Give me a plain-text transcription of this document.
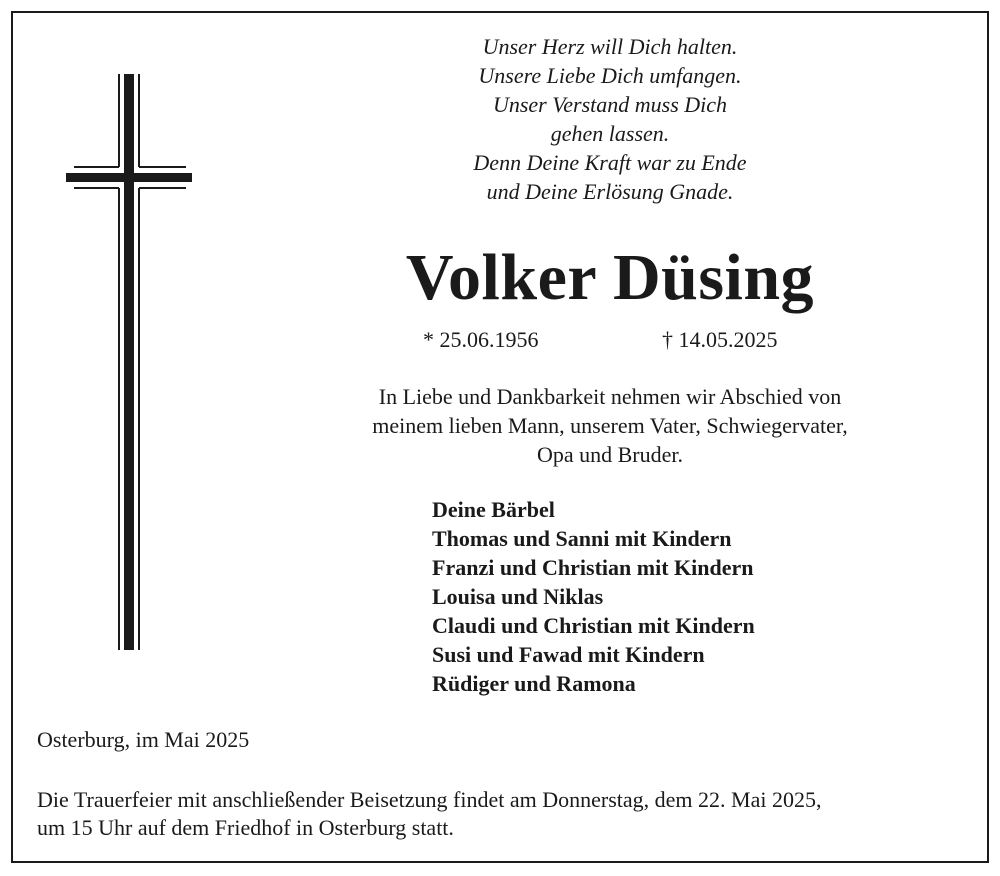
Unser Herz will Dich halten.
Unsere Liebe Dich umfangen.
Unser Verstand muss Dich
gehen lassen.
Denn Deine Kraft war zu Ende
und Deine Erlösung Gnade.
Volker Düsing
* 25.06.1956	† 14.05.2025
In Liebe und Dankbarkeit nehmen wir Abschied von
meinem lieben Mann, unserem Vater, Schwiegervater,
Opa und Bruder.
Deine Bärbel
Thomas und Sanni mit Kindern
Franzi und Christian mit Kindern
Louisa und Niklas
Claudi und Christian mit Kindern
Susi und Fawad mit Kindern
Rüdiger und Ramona
Osterburg, im Mai 2025
Die Trauerfeier mit anschließender Beisetzung findet am Donnerstag, dem 22. Mai 2025,
um 15 Uhr auf dem Friedhof in Osterburg statt.
